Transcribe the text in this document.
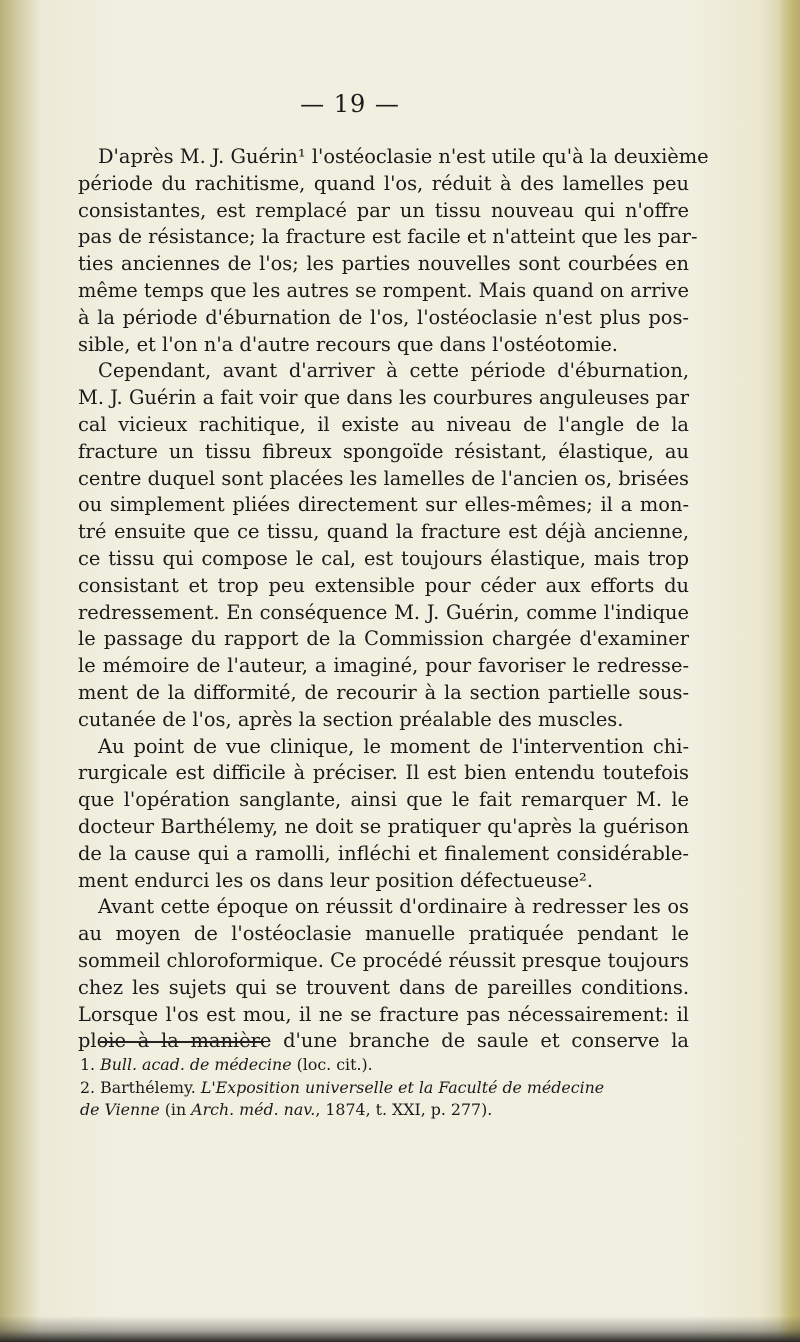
— 19 —
D'après M. J. Guérin¹ l'ostéoclasie n'est utile qu'à la deuxième
période du rachitisme, quand l'os, réduit à des lamelles peu
consistantes, est remplacé par un tissu nouveau qui n'offre
pas de résistance; la fracture est facile et n'atteint que les par-
ties anciennes de l'os; les parties nouvelles sont courbées en
même temps que les autres se rompent. Mais quand on arrive
à la période d'éburnation de l'os, l'ostéoclasie n'est plus pos-
sible, et l'on n'a d'autre recours que dans l'ostéotomie.
Cependant, avant d'arriver à cette période d'éburnation,
M. J. Guérin a fait voir que dans les courbures anguleuses par
cal vicieux rachitique, il existe au niveau de l'angle de la
fracture un tissu fibreux spongoïde résistant, élastique, au
centre duquel sont placées les lamelles de l'ancien os, brisées
ou simplement pliées directement sur elles-mêmes; il a mon-
tré ensuite que ce tissu, quand la fracture est déjà ancienne,
ce tissu qui compose le cal, est toujours élastique, mais trop
consistant et trop peu extensible pour céder aux efforts du
redressement. En conséquence M. J. Guérin, comme l'indique
le passage du rapport de la Commission chargée d'examiner
le mémoire de l'auteur, a imaginé, pour favoriser le redresse-
ment de la difformité, de recourir à la section partielle sous-
cutanée de l'os, après la section préalable des muscles.
Au point de vue clinique, le moment de l'intervention chi-
rurgicale est difficile à préciser. Il est bien entendu toutefois
que l'opération sanglante, ainsi que le fait remarquer M. le
docteur Barthélemy, ne doit se pratiquer qu'après la guérison
de la cause qui a ramolli, infléchi et finalement considérable-
ment endurci les os dans leur position défectueuse².
Avant cette époque on réussit d'ordinaire à redresser les os
au moyen de l'ostéoclasie manuelle pratiquée pendant le
sommeil chloroformique. Ce procédé réussit presque toujours
chez les sujets qui se trouvent dans de pareilles conditions.
Lorsque l'os est mou, il ne se fracture pas nécessairement: il
ploie à la manière d'une branche de saule et conserve la
1. Bull. acad. de médecine (loc. cit.).
2. Barthélemy. L'Exposition universelle et la Faculté de médecine
de Vienne (in Arch. méd. nav., 1874, t. XXI, p. 277).
